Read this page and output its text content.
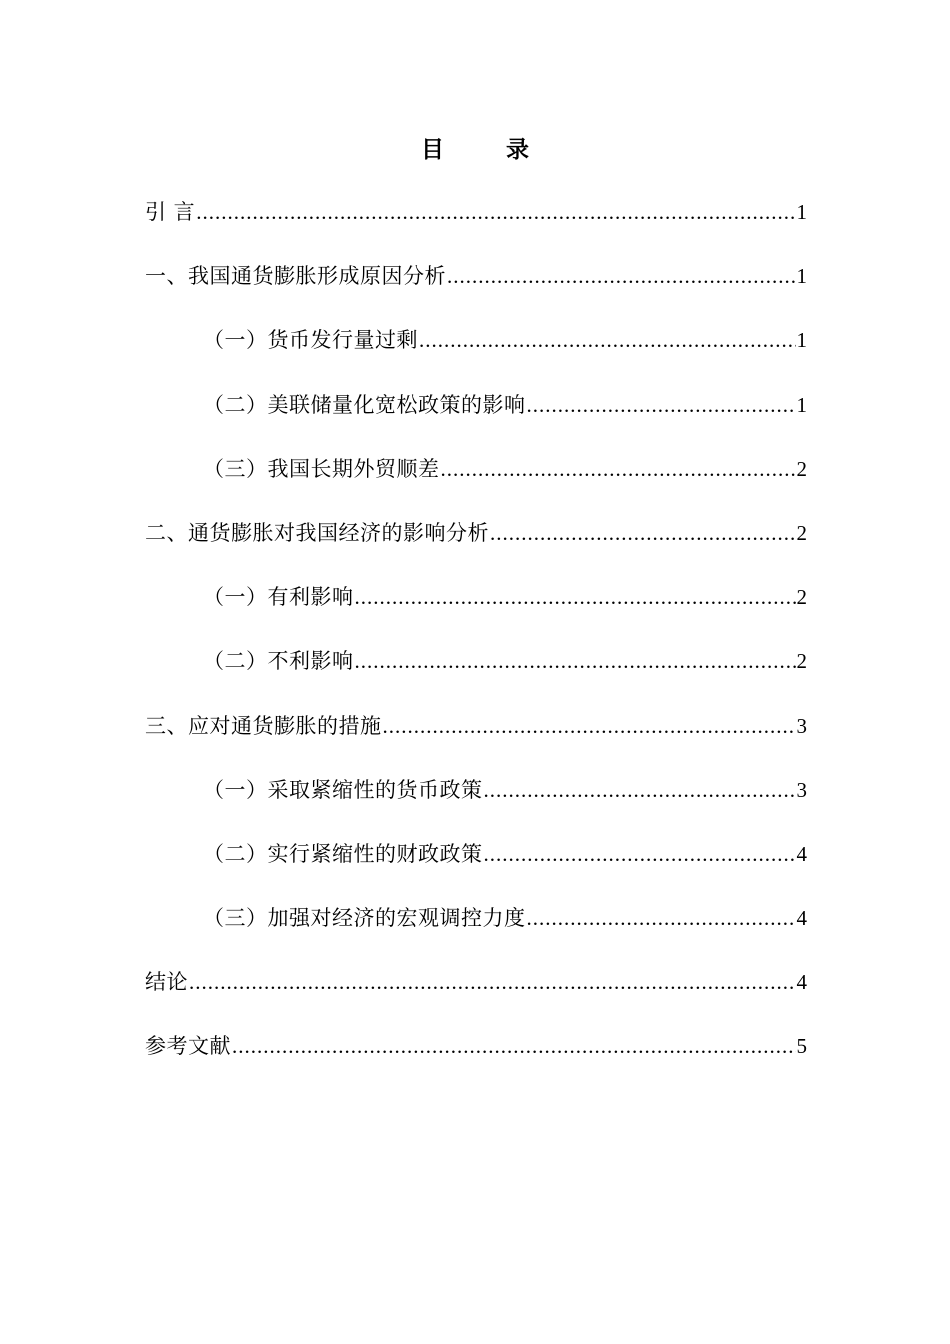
目	录
引 言 .....	1
一、我国通货膨胀形成原因分析 .....	1
（一）货币发行量过剩 .....	1
（二）美联储量化宽松政策的影响 .....	1
（三）我国长期外贸顺差 .....	2
二、通货膨胀对我国经济的影响分析 .....	2
（一）有利影响 .....	2
（二）不利影响 .....	2
三、应对通货膨胀的措施 .....	3
（一）采取紧缩性的货币政策 .....	3
（二）实行紧缩性的财政政策 .....	4
（三）加强对经济的宏观调控力度 .....	4
结论 .....	4
参考文献 .....	5
